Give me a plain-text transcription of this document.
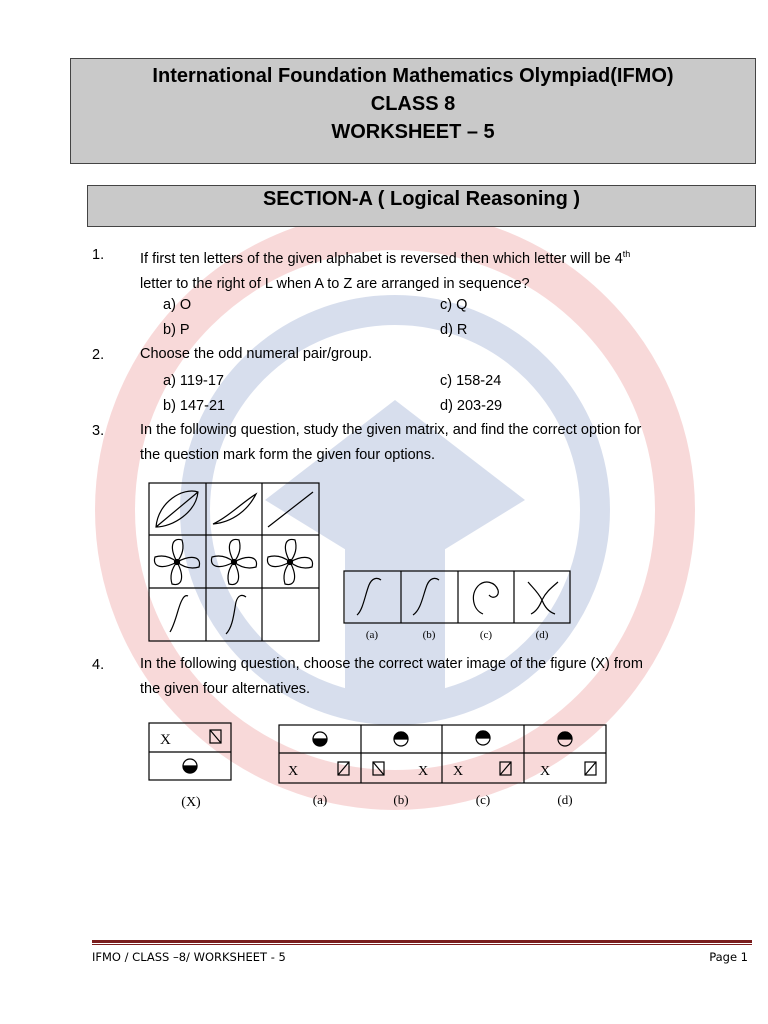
International Foundation Mathematics Olympiad(IFMO)
CLASS 8
WORKSHEET – 5
SECTION-A ( Logical Reasoning )
1. If first ten letters of the given alphabet is reversed then which letter will be 4th
letter to the right of L when A to Z are arranged in sequence?
a) O	c) Q
b) P	d) R
2. Choose the odd numeral pair/group.
a) 119-17	c) 158-24
b) 147-21	d) 203-29
3. In the following question, study the given matrix, and find the correct option for
the question mark form the given four options.
(a)	(b)	(c)	(d)
4. In the following question, choose the correct water image of the figure (X) from
the given four alternatives.
X
(X)
X	X X	X
(a)	(b)	(c)	(d)
IFMO / CLASS –8/ WORKSHEET - 5	Page 1
